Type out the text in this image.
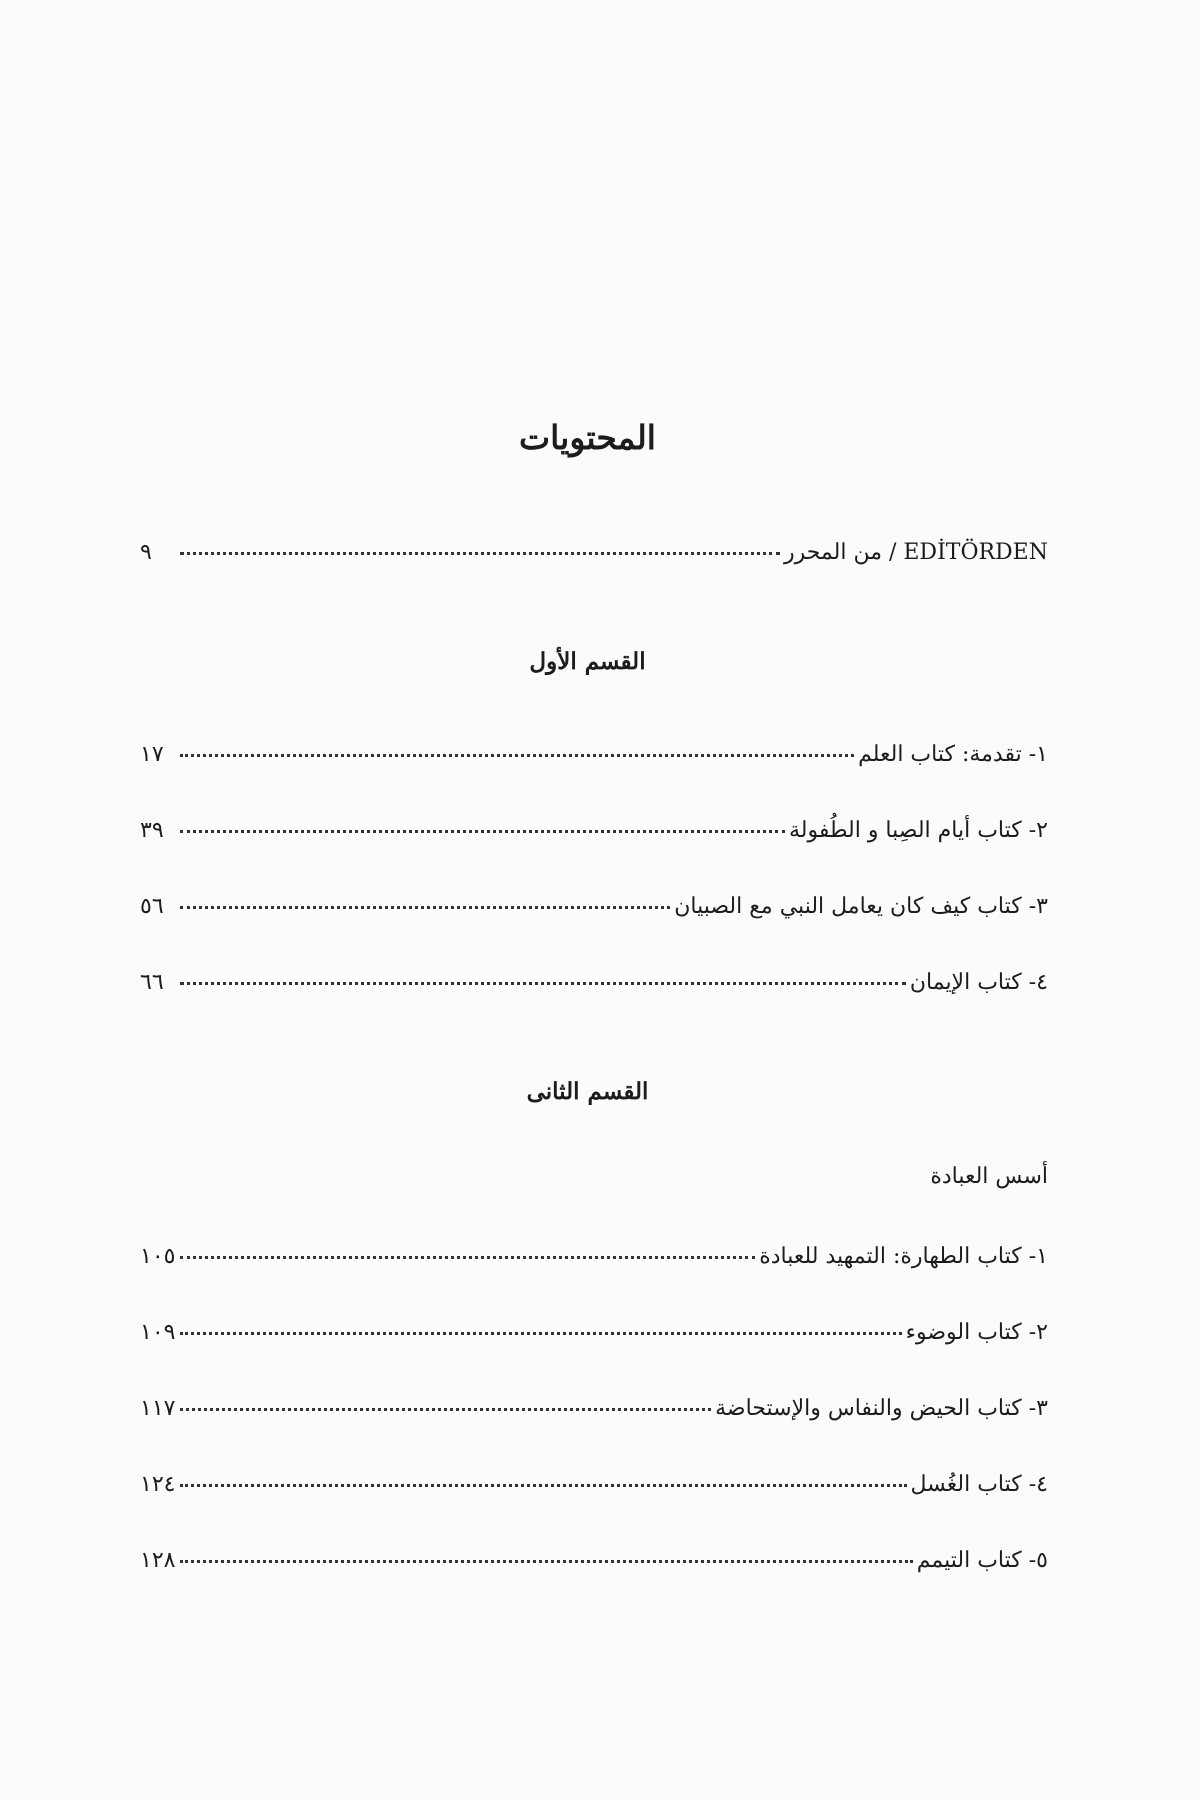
المحتويات
EDİTÖRDEN / من المحرر
٩
القسم الأول
١- تقدمة: كتاب العلم
١٧
٢- كتاب أيام الصِبا و الطُفولة
٣٩
٣- كتاب كيف كان يعامل النبي مع الصبيان
٥٦
٤- كتاب الإيمان
٦٦
القسم الثانى
أسس العبادة
١- كتاب الطهارة: التمهيد للعبادة
١٠٥
٢- كتاب الوضوء
١٠٩
٣- كتاب الحيض والنفاس والإستحاضة
١١٧
٤- كتاب الغُسل
١٢٤
٥- كتاب التيمم
١٢٨
